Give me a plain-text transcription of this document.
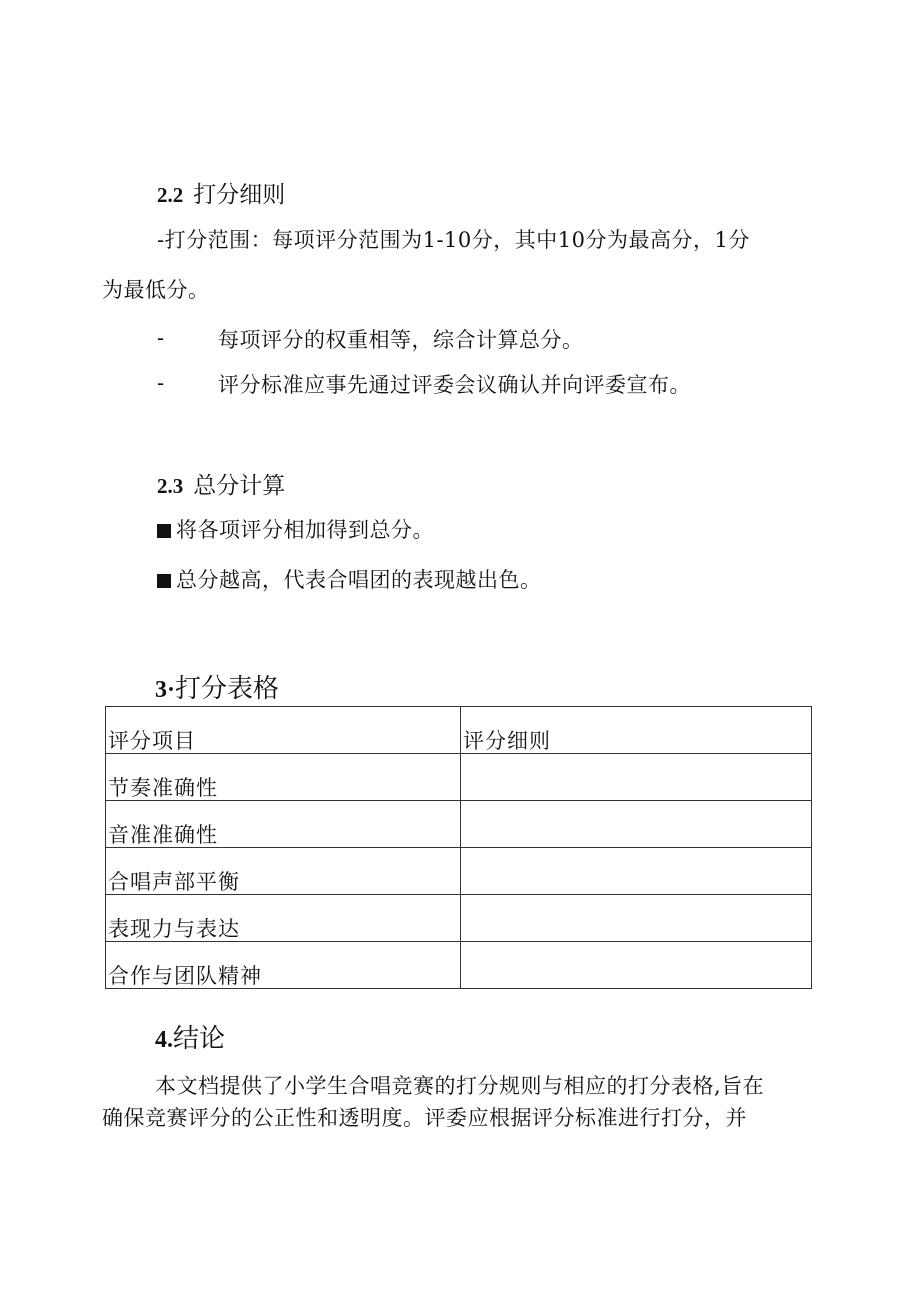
2.2 打分细则
-打分范围：每项评分范围为1-10分，其中10分为最高分，1分
为最低分。
-	每项评分的权重相等，综合计算总分。
-	评分标准应事先通过评委会议确认并向评委宣布。
2.3 总分计算
将各项评分相加得到总分。
总分越高，代表合唱团的表现越出色。
3·打分表格
评分项目	评分细则
节奏准确性	
音准准确性	
合唱声部平衡	
表现力与表达	
合作与团队精神	
4.结论
本文档提供了小学生合唱竞赛的打分规则与相应的打分表格,旨在
确保竞赛评分的公正性和透明度。评委应根据评分标准进行打分，并
